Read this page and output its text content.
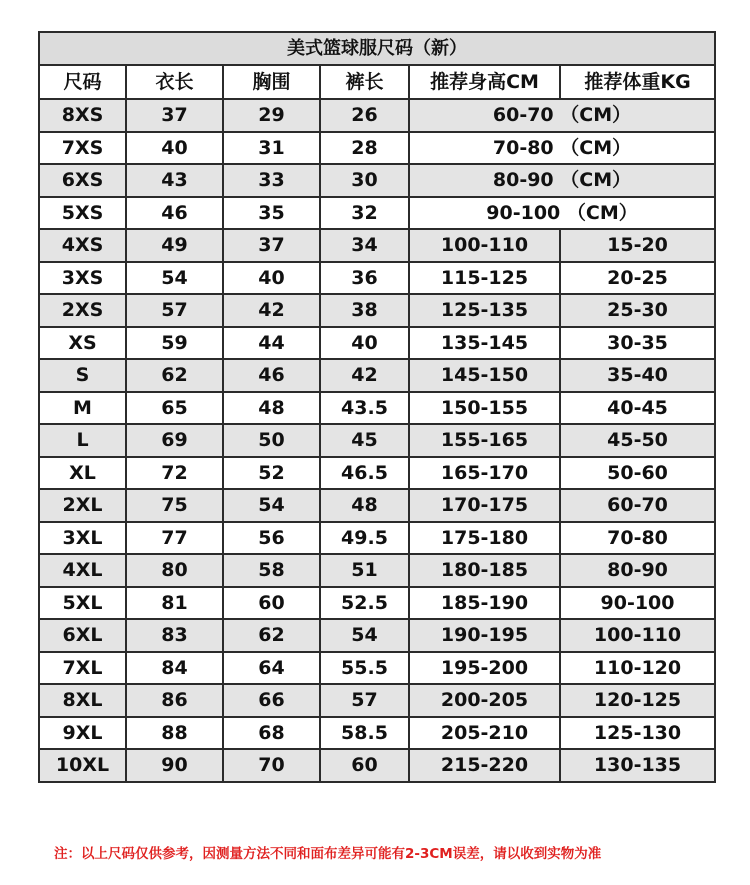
美式篮球服尺码（新）					
尺码	衣长	胸围	裤长	推荐身高CM	推荐体重KG
8XS	37	29	26	60-70 （CM）	
7XS	40	31	28	70-80 （CM）	
6XS	43	33	30	80-90 （CM）	
5XS	46	35	32	90-100 （CM）	
4XS	49	37	34	100-110	15-20
3XS	54	40	36	115-125	20-25
2XS	57	42	38	125-135	25-30
XS	59	44	40	135-145	30-35
S	62	46	42	145-150	35-40
M	65	48	43.5	150-155	40-45
L	69	50	45	155-165	45-50
XL	72	52	46.5	165-170	50-60
2XL	75	54	48	170-175	60-70
3XL	77	56	49.5	175-180	70-80
4XL	80	58	51	180-185	80-90
5XL	81	60	52.5	185-190	90-100
6XL	83	62	54	190-195	100-110
7XL	84	64	55.5	195-200	110-120
8XL	86	66	57	200-205	120-125
9XL	88	68	58.5	205-210	125-130
10XL	90	70	60	215-220	130-135
注：以上尺码仅供参考，因测量方法不同和面布差异可能有2-3CM误差，请以收到实物为准
